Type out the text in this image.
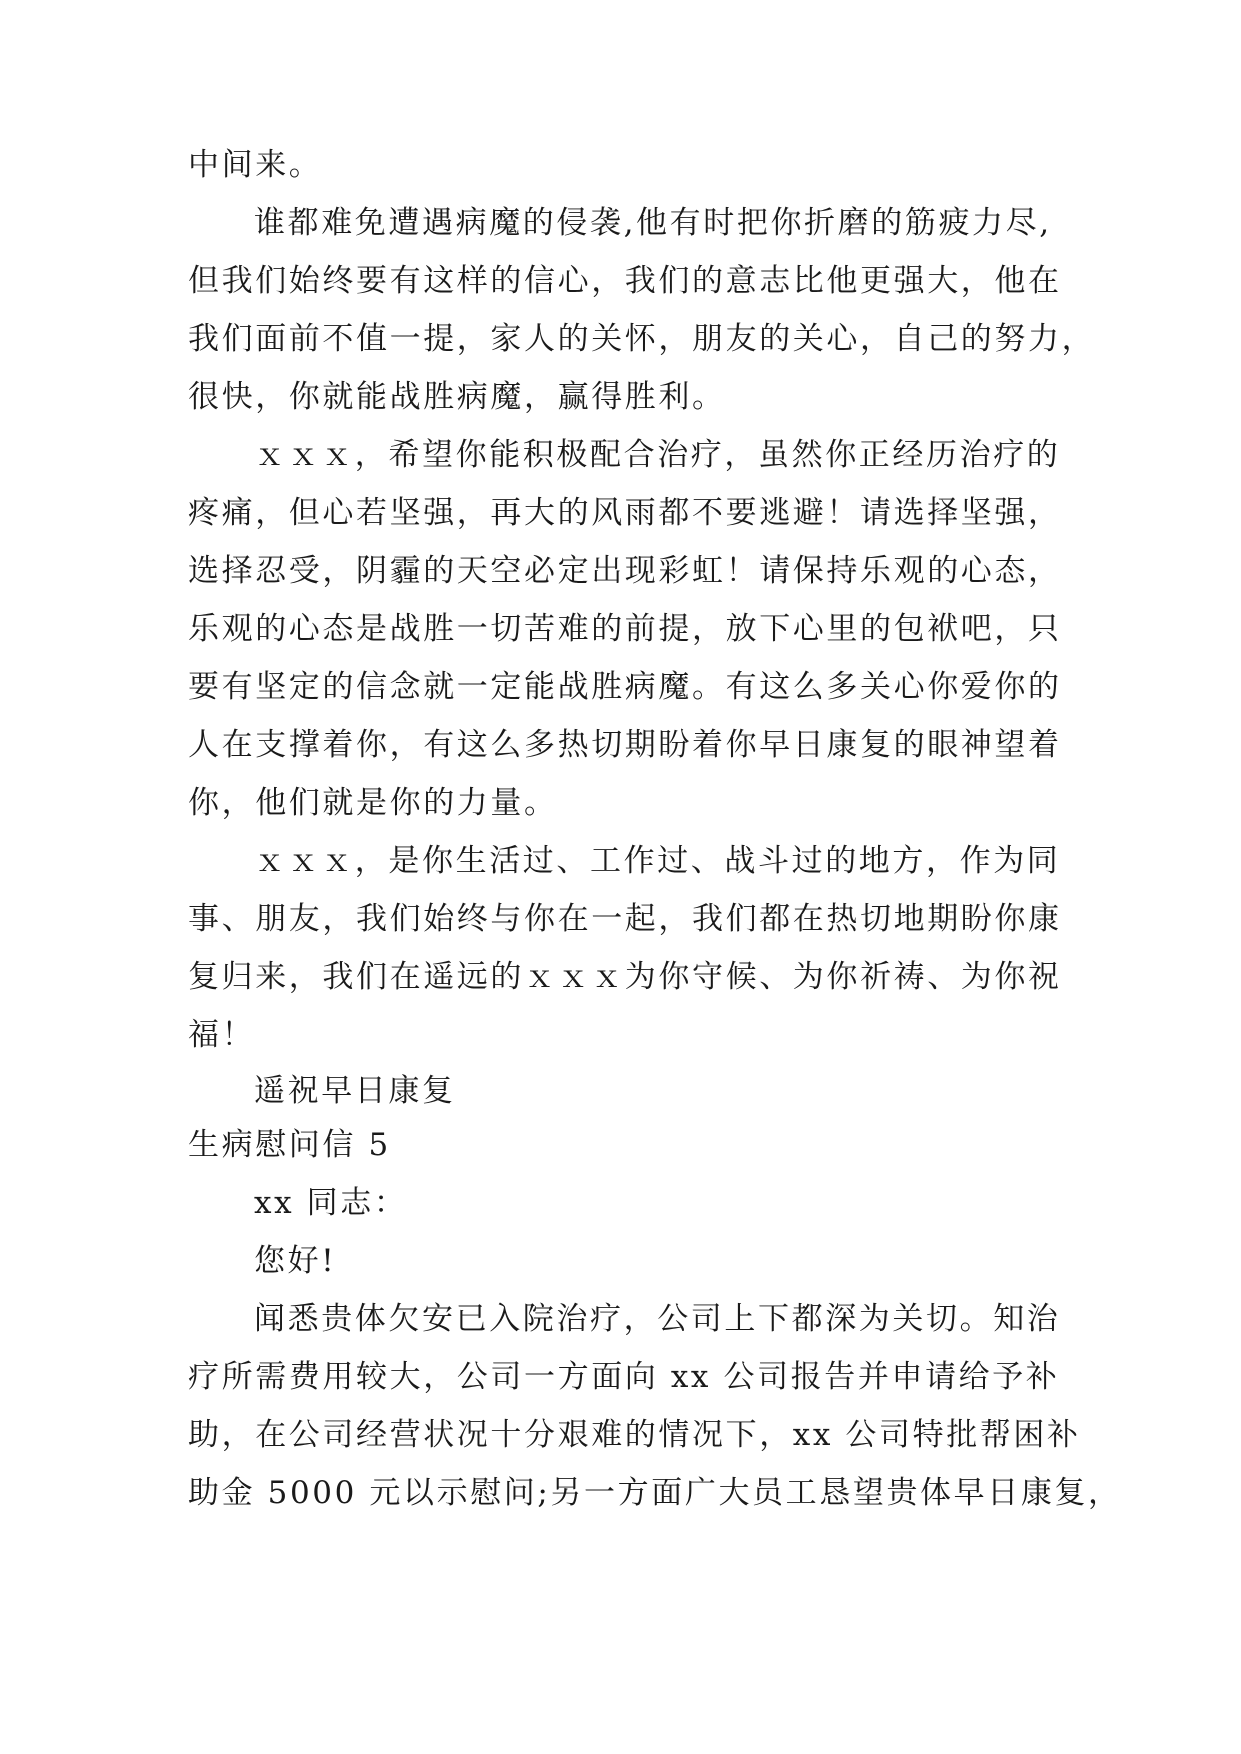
中间来。
谁都难免遭遇病魔的侵袭,他有时把你折磨的筋疲力尽,
但我们始终要有这样的信心，我们的意志比他更强大，他在
我们面前不值一提，家人的关怀，朋友的关心，自己的努力，
很快，你就能战胜病魔，赢得胜利。
ｘｘｘ，希望你能积极配合治疗，虽然你正经历治疗的
疼痛，但心若坚强，再大的风雨都不要逃避！请选择坚强，
选择忍受，阴霾的天空必定出现彩虹！请保持乐观的心态，
乐观的心态是战胜一切苦难的前提，放下心里的包袱吧，只
要有坚定的信念就一定能战胜病魔。有这么多关心你爱你的
人在支撑着你，有这么多热切期盼着你早日康复的眼神望着
你，他们就是你的力量。
ｘｘｘ，是你生活过、工作过、战斗过的地方，作为同
事、朋友，我们始终与你在一起，我们都在热切地期盼你康
复归来，我们在遥远的ｘｘｘ为你守候、为你祈祷、为你祝
福！
遥祝早日康复
生病慰问信 5
xx 同志：
您好!
闻悉贵体欠安已入院治疗，公司上下都深为关切。知治
疗所需费用较大，公司一方面向 xx 公司报告并申请给予补
助，在公司经营状况十分艰难的情况下，xx 公司特批帮困补
助金 5000 元以示慰问;另一方面广大员工恳望贵体早日康复，
